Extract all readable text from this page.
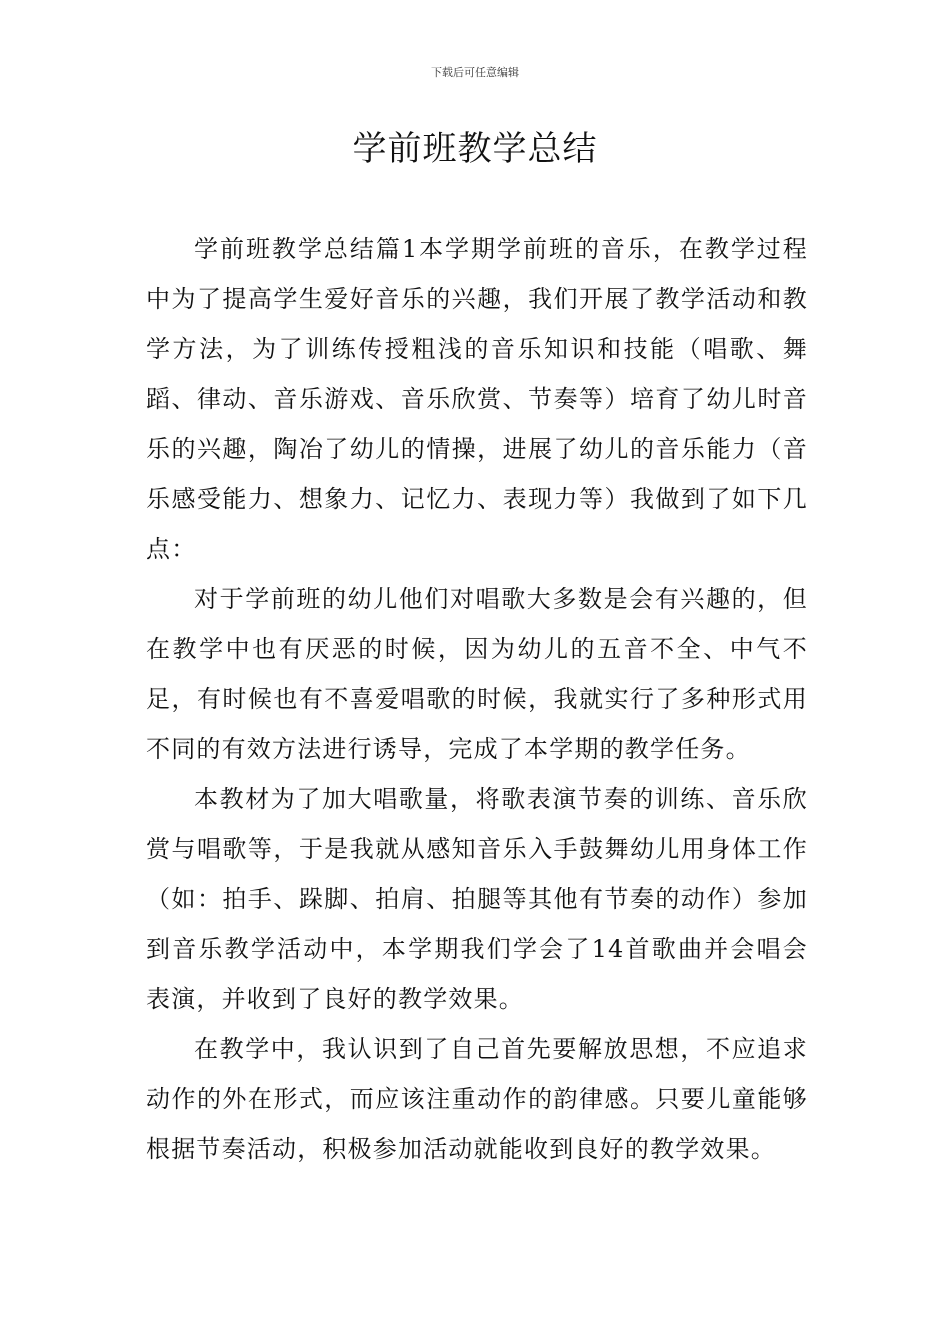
下载后可任意编辑
学前班教学总结

学前班教学总结篇1本学期学前班的音乐，在教学过程中为了提高学生爱好音乐的兴趣，我们开展了教学活动和教学方法，为了训练传授粗浅的音乐知识和技能（唱歌、舞蹈、律动、音乐游戏、音乐欣赏、节奏等）培育了幼儿时音乐的兴趣，陶冶了幼儿的情操，进展了幼儿的音乐能力（音乐感受能力、想象力、记忆力、表现力等）我做到了如下几点：

对于学前班的幼儿他们对唱歌大多数是会有兴趣的，但在教学中也有厌恶的时候，因为幼儿的五音不全、中气不足，有时候也有不喜爱唱歌的时候，我就实行了多种形式用不同的有效方法进行诱导，完成了本学期的教学任务。

本教材为了加大唱歌量，将歌表演节奏的训练、音乐欣赏与唱歌等，于是我就从感知音乐入手鼓舞幼儿用身体工作（如：拍手、跺脚、拍肩、拍腿等其他有节奏的动作）参加到音乐教学活动中，本学期我们学会了14首歌曲并会唱会表演，并收到了良好的教学效果。

在教学中，我认识到了自己首先要解放思想，不应追求动作的外在形式，而应该注重动作的韵律感。只要儿童能够根据节奏活动，积极参加活动就能收到良好的教学效果。
